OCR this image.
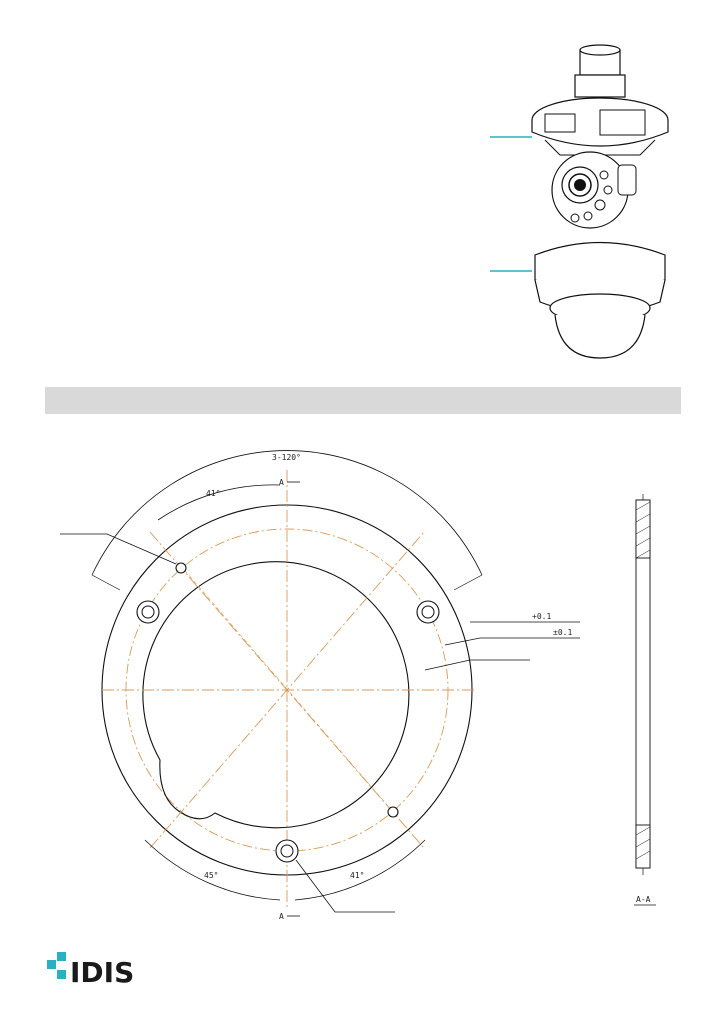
3-120°
41°
45°	41°
A
A
+0.1
±0.1
A-A
IDIS
